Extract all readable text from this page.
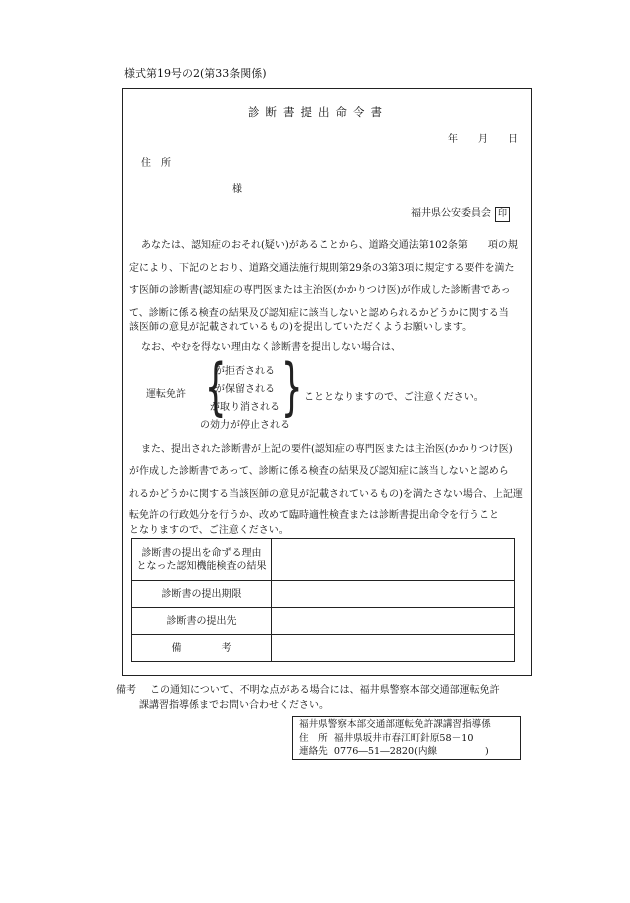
様式第19号の2(第33条関係)
診断書提出命令書
年　　月　　日
住　所
様
福井県公安委員会 印
あなたは、認知症のおそれ(疑い)があることから、道路交通法第102条第　　項の規
定により、下記のとおり、道路交通法施行規則第29条の3第3項に規定する要件を満た
す医師の診断書(認知症の専門医または主治医(かかりつけ医)が作成した診断書であっ
て、診断に係る検査の結果及び認知症に該当しないと認められるかどうかに関する当
該医師の意見が記載されているもの)を提出していただくようお願いします。
なお、やむを得ない理由なく診断書を提出しない場合は、
運転免許 {
が拒否される
が保留される
が取り消される
の効力が停止される
} こととなりますので、ご注意ください。
また、提出された診断書が上記の要件(認知症の専門医または主治医(かかりつけ医)
が作成した診断書であって、診断に係る検査の結果及び認知症に該当しないと認めら
れるかどうかに関する当該医師の意見が記載されているもの)を満たさない場合、上記運
転免許の行政処分を行うか、改めて臨時適性検査または診断書提出命令を行うこと
となりますので、ご注意ください。
診断書の提出を命ずる理由
となった認知機能検査の結果
診断書の提出期限
診断書の提出先
備　　　　考
備考 この通知について、不明な点がある場合には、福井県警察本部交通部運転免許
課講習指導係までお問い合わせください。
福井県警察本部交通部運転免許課講習指導係
住　所 福井県坂井市春江町針原58－10
連絡先 0776―51―2820(内線　　　　　)
